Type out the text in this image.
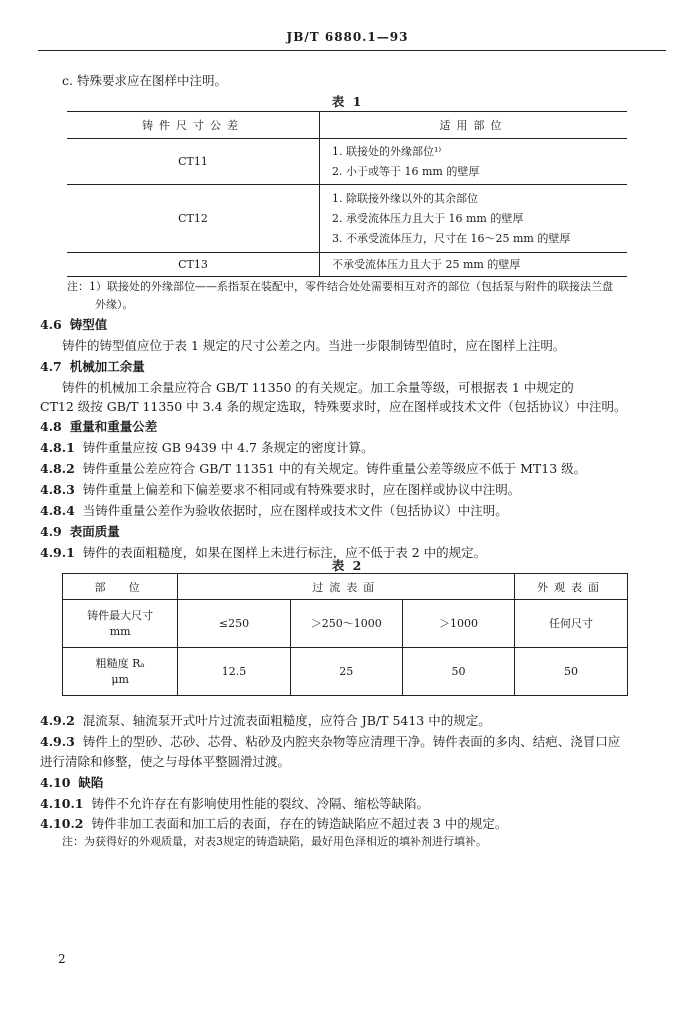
JB/T 6880.1—93
c. 特殊要求应在图样中注明。
表 1
铸件尺寸公差	适用部位
CT11	1. 联接处的外缘部位¹⁾
2. 小于或等于 16 mm 的壁厚

CT12	1. 除联接外缘以外的其余部位
2. 承受流体压力且大于 16 mm 的壁厚
3. 不承受流体压力，尺寸在 16～25 mm 的壁厚

CT13	不承受流体压力且大于 25 mm 的壁厚
注：1）联接处的外缘部位——系指泵在装配中，零件结合处处需要相互对齐的部位（包括泵与附件的联接法兰盘
外缘）。
4.6 铸型值
铸件的铸型值应位于表 1 规定的尺寸公差之内。当进一步限制铸型值时，应在图样上注明。
4.7 机械加工余量
铸件的机械加工余量应符合 GB/T 11350 的有关规定。加工余量等级，可根据表 1 中规定的
CT12 级按 GB/T 11350 中 3.4 条的规定选取，特殊要求时，应在图样或技术文件（包括协议）中注明。
4.8 重量和重量公差
4.8.1 铸件重量应按 GB 9439 中 4.7 条规定的密度计算。
4.8.2 铸件重量公差应符合 GB/T 11351 中的有关规定。铸件重量公差等级应不低于 MT13 级。
4.8.3 铸件重量上偏差和下偏差要求不相同或有特殊要求时，应在图样或协议中注明。
4.8.4 当铸件重量公差作为验收依据时，应在图样或技术文件（包括协议）中注明。
4.9 表面质量
4.9.1 铸件的表面粗糙度，如果在图样上未进行标注，应不低于表 2 中的规定。
表 2
部　位	过流表面			外观表面

铸件最大尺寸
mm	≤250	＞250～1000	＞1000	任何尺寸

粗糙度 Rₐ
μm	12.5	25	50	50
4.9.2 混流泵、轴流泵开式叶片过流表面粗糙度，应符合 JB/T 5413 中的规定。
4.9.3 铸件上的型砂、芯砂、芯骨、粘砂及内腔夹杂物等应清理干净。铸件表面的多肉、结疤、浇冒口应
进行清除和修整，使之与母体平整圆滑过渡。
4.10 缺陷
4.10.1 铸件不允许存在有影响使用性能的裂纹、冷隔、缩松等缺陷。
4.10.2 铸件非加工表面和加工后的表面，存在的铸造缺陷应不超过表 3 中的规定。
注：为获得好的外观质量，对表3规定的铸造缺陷，最好用色泽相近的填补剂进行填补。
2
